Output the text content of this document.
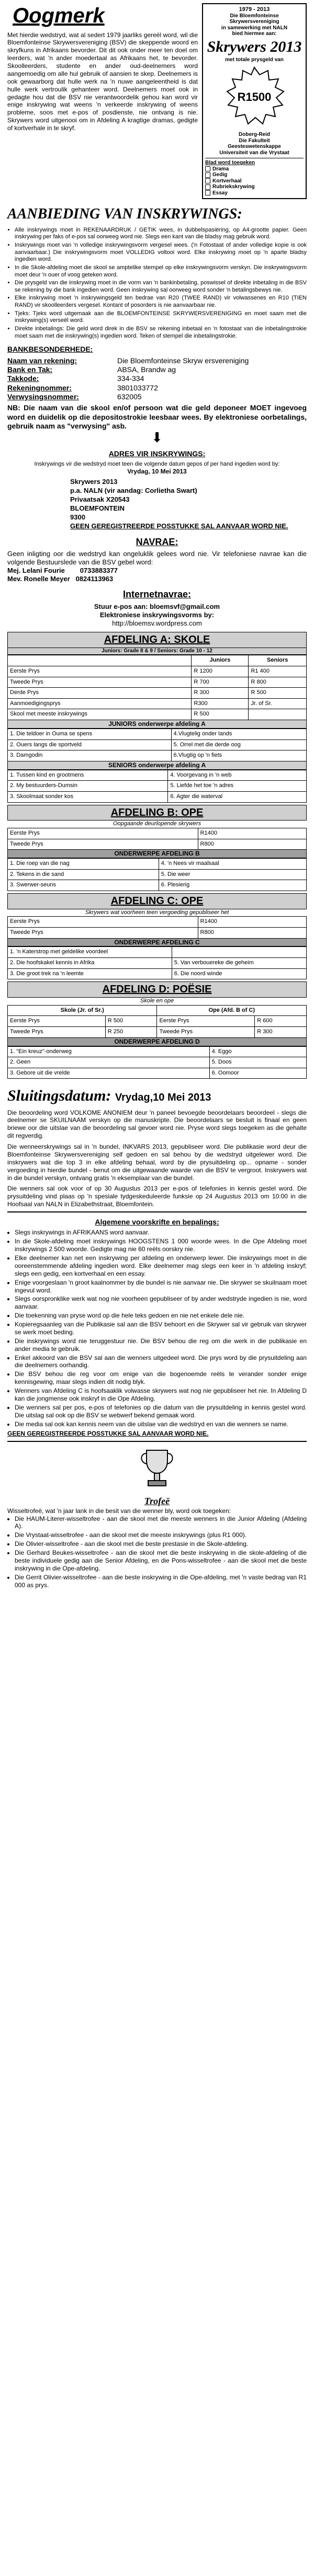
Oogmerk
Met hierdie wedstryd, wat al sedert 1979 jaarliks gereël word, wil die Bloemfonteinse Skrywersvereniging (BSV) die skeppende woord en skryfkuns in Afrikaans bevorder. Dit dit ook onder meer ten doel om leerders, wat 'n ander moedertaal as Afrikaans het, te bevorder. Skoolleerders, studente en ander oud-deelnemers word aangemoedig om alle hul gebruik of aansien te skep. Deelnemers is ook gewaarborg dat hulle werk na 'n nuwe aangeleentheid is dat hulle werk vertroulik gehanteer word. Deelnemers moet ook in gedagte hou dat die BSV nie verantwoordelik gehou kan word vir enige inskrywing wat weens 'n verkeerde inskrywing of weens probleme, soos met e-pos of posdienste, nie ontvang is nie. Skrywers word uitgenooi om in Afdeling A kragtige dramas, gedigte of kortverhale in te skryf.
1979 - 2013
Die Bloemfonteinse Skrywersvereniging
in samewerking met NALN
bied hiermee aan:
Skrywers 2013
met totale prysgeld van
R1500
Doberg-Reid
Die Fakulteit
Geesteswetenskappe
Universiteit van die Vrystaat
Blad word toegeken
Drama
Gedig
Kortverhaal
Rubriekskrywing
Essay
AANBIEDING VAN INSKRYWINGS:
• Alle inskrywings moet in REKENAARDRUK / GETIK wees, in dubbelspasiëring, op A4-grootte papier. Geen inskrywing per faks of e-pos sal oorweeg word nie. Slegs een kant van die bladsy mag gebruik word.
• Inskrywings moet van 'n volledige inskrywingsvorm vergesel wees. ('n Fotostaat of ander volledige kopie is ook aanvaarbaar.) Die inskrywingsvorm moet VOLLEDIG voltooi word. Elke inskrywing moet op 'n aparte bladsy ingedien word.
• In die Skole-afdeling moet die skool se amptelike stempel op elke inskrywingsvorm verskyn. Die inskrywingsvorm moet deur 'n ouer of voog geteken word.
• Die prysgeld van die inskrywing moet in die vorm van 'n bankinbetaling, poswissel of direkte inbetaling in die BSV se rekening by die bank ingedien word. Geen inskrywing sal oorweeg word sonder 'n betalingsbewys nie.
• Elke inskrywing moet 'n inskrywingsgeld ten bedrae van R20 (TWEE RAND) vir volwassenes en R10 (TIEN RAND) vir skoolleerders vergesel. Kontant of posorders is nie aanvaarbaar nie.
• Tjeks: Tjeks word uitgemaak aan die BLOEMFONTEINSE SKRYWERSVERENIGING en moet saam met die inskrywing(s) verseël word.
• Direkte inbetalings: Die geld word direk in die BSV se rekening inbetaal en 'n fotostaat van die inbetalingstrokie moet saam met die inskrywing(s) ingedien word. Teken of stempel die inbetalingstrokie.
BANKBESONDERHEDE:
Naam van rekening:	Die Bloemfonteinse Skryw ersvereniging
Bank en Tak:	ABSA, Brandw ag
Takkode:	334-334
Rekeningnommer:	3801033772
Verwysingsnommer:	632005
NB: Die naam van die skool en/of persoon wat die geld deponeer MOET ingevoeg word en duidelik op die depositostrokie leesbaar wees. By elektroniese oorbetalings, gebruik naam as "verwysing" asb.
⬇
ADRES VIR INSKRYWINGS:
Inskrywings vir die wedstryd moet teen die volgende datum gepos of per hand ingedien word by:
Vrydag, 10 Mei 2013
Skrywers 2013
p.a. NALN (vir aandag: Corlietha Swart)
Privaatsak X20543
BLOEMFONTEIN
9300
GEEN GEREGISTREERDE POSSTUKKE SAL AANVAAR WORD NIE.
NAVRAE:
Geen inligting oor die wedstryd kan ongeluklik gelees word nie. Vir telefoniese navrae kan die volgende Bestuurslede van die BSV gebel word:
Mej. Lelani Fourie        0733883377
Mev. Ronelle Meyer   0824113963
Internetnavrae:
Stuur e-pos aan: bloemsvf@gmail.com
Elektroniese inskrywingsvorms by:
http://bloemsv.wordpress.com
AFDELING A: SKOLE
Juniors: Grade 8 & 9 / Seniors: Grade 10 - 12
	Juniors	Seniors
Eerste Prys	R 1200	R1 400
Tweede Prys	R 700	R 800
Derde Prys	R 300	R 500
Aanmoedigingsprys	R300	Jr. of Sr.
Skool met meeste inskrywings	R 500	
JUNIORS onderwerpe afdeling A
1. Die teldoer in Ouma se spens	4.Vlugtelig onder lands
2. Ouers langs die sportveld	5. Orrel met die derde oog
3. Damgodin	6.Vlugtig op 'n fiets
SENIORS onderwerpe afdeling A
1. Tussen kind en grootmens	4. Voorgevang in 'n web
2. My bestuurders-Dumsin	5. Liefde het toe 'n adres
3. Skoolmaat sonder kos	6. Agter die waterval
AFDELING B: OPE
Oopgaande deurlopende skrywers
Eerste Prys	R1400
Tweede Prys	R800
ONDERWERPE AFDELING B
1. Die roep van die nag	4. 'n Nees vir maalsaal
2. Tekens in die sand	5. Die weer
3. Swerwer-seuns	6. Plesierig
AFDELING C: OPE
Skrywers wat voorheen teen vergoeding gepubliseer het
Eerste Prys	R1400
Tweede Prys	R800
ONDERWERPE AFDELING C
1. 'n Katerstrop met geldelike voordeel	
2. Die hoofskakel kennis in Afrika	5. Van verbouereke die geheim
3. Die groot trek na 'n leemte	6. Die noord winde
AFDELING D: POËSIE
Skole en ope
Skole (Jr. of Sr.)		Ope (Afd. B of C)	
Eerste Prys	R 500	Eerste Prys	R 600
Tweede Prys	R 250	Tweede Prys	R 300
ONDERWERPE AFDELING D
1. "Ein kreuz"-onderweg	4. Eggo
2. Geen	5. Doos
3. Gebore uit die vrelde	6. Oomoor
Sluitingsdatum: Vrydag,10 Mei 2013
Die beoordeling word VOLKOME ANONIEM deur 'n paneel bevoegde beoordelaars beoordeel - slegs die deelnemer se SKUILNAAM verskyn op die manuskripte. Die beoordelaars se besluit is finaal en geen briewe oor die uitslae van die beoordeling sal gevoer word nie. Pryse word slegs toegeken as die gehalte dit regverdig.
Die wenneerskrywings sal in 'n bundel, INKVARS 2013, gepubliseer word. Die publikasie word deur die Bloemfonteinse Skrywersvereniging self gedoen en sal behou by die wedstryd uitgelewer word. Die inskrywers wat die top 3 in elke afdeling behaal, word by die prysuitdeling op... opname - sonder vergoeding in hierdie bundel - benut om die uitgewaande waarde van die BSV te vergroot. Inskrywers wat in die bundel verskyn, ontvang gratis 'n eksemplaar van die bundel.
Die wenners sal ook voor of op 30 Augustus 2013 per e-pos of telefonies in kennis gestel word. Die prysuitdeling vind plaas op 'n spesiale tydgeskeduleerde funksie op 24 Augustus 2013 om 10:00 in die Hoofsaal van NALN in Elizabethstraat, Bloemfontein.
Algemene voorskrifte en bepalings:
• Slegs inskrywings in AFRIKAANS word aanvaar.
• In die Skole-afdeling moet inskrywings HOOGSTENS 1 000 woorde wees. In die Ope Afdeling moet inskrywings 2 500 woorde. Gedigte mag nie 60 reëls oorskry nie.
• Elke deelnemer kan net een inskrywing per afdeling en onderwerp lewer. Die inskrywings moet in die ooreenstemmende afdeling ingedien word. Elke deelnemer mag slegs een keer in 'n afdeling inskryf; slegs een gedig, een kortverhaal en een essay.
• Enige voorgeslaan 'n groot kaalnommer by die bundel is nie aanvaar nie. Die skrywer se skuilnaam moet ingevul word.
• Slegs oorspronklike werk wat nog nie voorheen gepubliseer of by ander wedstryde ingedien is nie, word aanvaar.
• Die toekenning van pryse word op die hele teks gedoen en nie net enkele dele nie.
• Kopieregsaanleg van die Publikasie sal aan die BSV behoort en die Skrywer sal vir gebruik van skrywer se werk moet beding.
• Die inskrywings word nie teruggestuur nie. Die BSV behou die reg om die werk in die publikasie en ander media te gebruik.
• Enkel akkoord van die BSV sal aan die wenners uitgedeel word. Die prys word by die prysuitdeling aan die deelnemers oorhandig.
• Die BSV behou die reg voor om enige van die bogenoemde reëls te verander sonder enige kennisgewing, maar slegs indien dit nodig blyk.
• Wenners van Afdeling C is hoofsaaklik volwasse skrywers wat nog nie gepubliseer het nie. In Afdeling D kan die jongmense ook inskryf in die Ope Afdeling.
• Die wenners sal per pos, e-pos of telefonies op die datum van die prysuitdeling in kennis gestel word. Die uitslag sal ook op die BSV se webwerf bekend gemaak word.
• Die media sal ook kan kennis neem van die uitslae van die wedstryd en van die wenners se name.
GEEN GEREGISTREERDE POSSTUKKE SAL AANVAAR WORD NIE.
Trofeë
Wisseltrofeë, wat 'n jaar lank in die besit van die wenner bly, word ook toegeken:
• Die HAUM-Literer-wisseltrofee - aan die skool met die meeste wenners in die Junior Afdeling (Afdeling A).
• Die Vrystaat-wisseltrofee - aan die skool met die meeste inskrywings (plus R1 000).
• Die Olivier-wisseltrofee - aan die skool met die beste prestasie in die Skole-afdeling.
• Die Gerhard Beukes-wisseltrofee - aan die skool met die beste inskrywing in die skole-afdeling of die beste individuele gedig aan die Senior Afdeling, en die Pons-wisseltrofee - aan die skool met die beste inskrywing in die Ope-afdeling.
• Die Gerrit Olivier-wisseltrofee - aan die beste inskrywing in die Ope-afdeling, met 'n vaste bedrag van R1 000 as prys.
